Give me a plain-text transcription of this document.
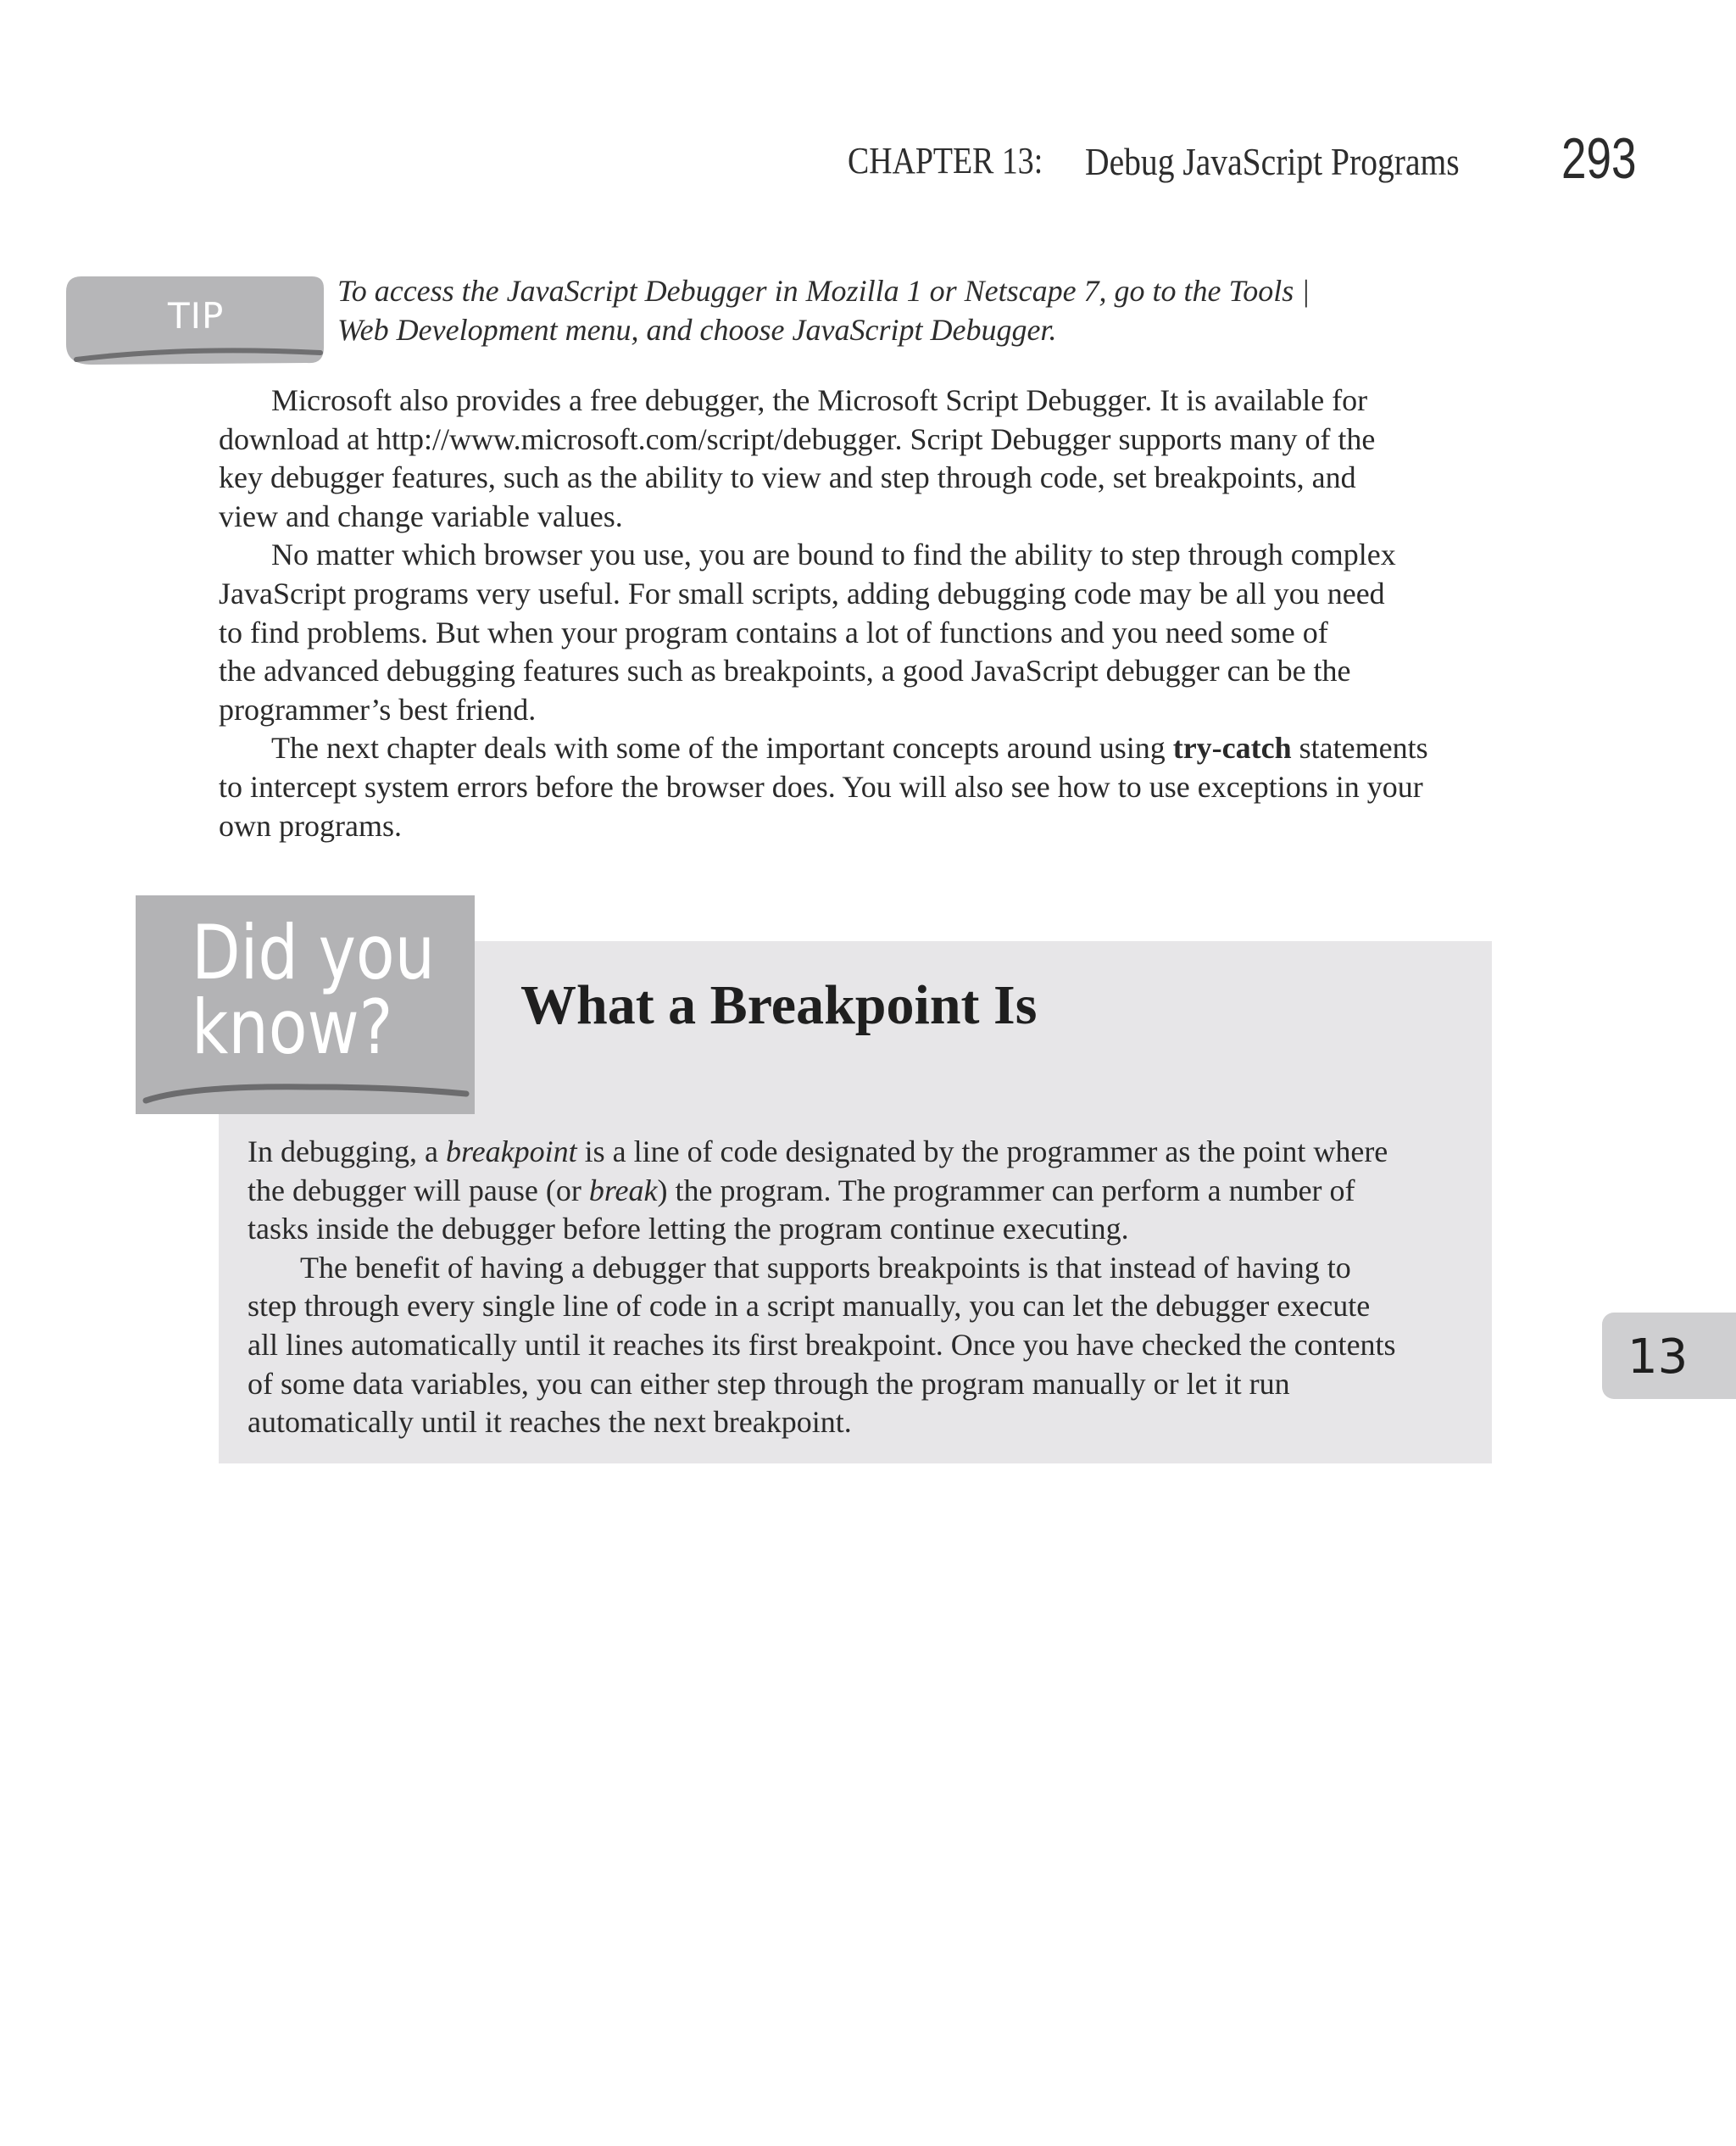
CHAPTER 13: Debug JavaScript Programs 293
TIP
To access the JavaScript Debugger in Mozilla 1 or Netscape 7, go to the Tools |
Web Development menu, and choose JavaScript Debugger.
Microsoft also provides a free debugger, the Microsoft Script Debugger. It is available for
download at http://www.microsoft.com/script/debugger. Script Debugger supports many of the
key debugger features, such as the ability to view and step through code, set breakpoints, and
view and change variable values.
No matter which browser you use, you are bound to find the ability to step through complex
JavaScript programs very useful. For small scripts, adding debugging code may be all you need
to find problems. But when your program contains a lot of functions and you need some of
the advanced debugging features such as breakpoints, a good JavaScript debugger can be the
programmer’s best friend.
The next chapter deals with some of the important concepts around using try-catch statements
to intercept system errors before the browser does. You will also see how to use exceptions in your
own programs.
Did you
know?	What a Breakpoint Is
In debugging, a breakpoint is a line of code designated by the programmer as the point where
the debugger will pause (or break) the program. The programmer can perform a number of
tasks inside the debugger before letting the program continue executing.
The benefit of having a debugger that supports breakpoints is that instead of having to
step through every single line of code in a script manually, you can let the debugger execute
all lines automatically until it reaches its first breakpoint. Once you have checked the contents
of some data variables, you can either step through the program manually or let it run
automatically until it reaches the next breakpoint.
13
